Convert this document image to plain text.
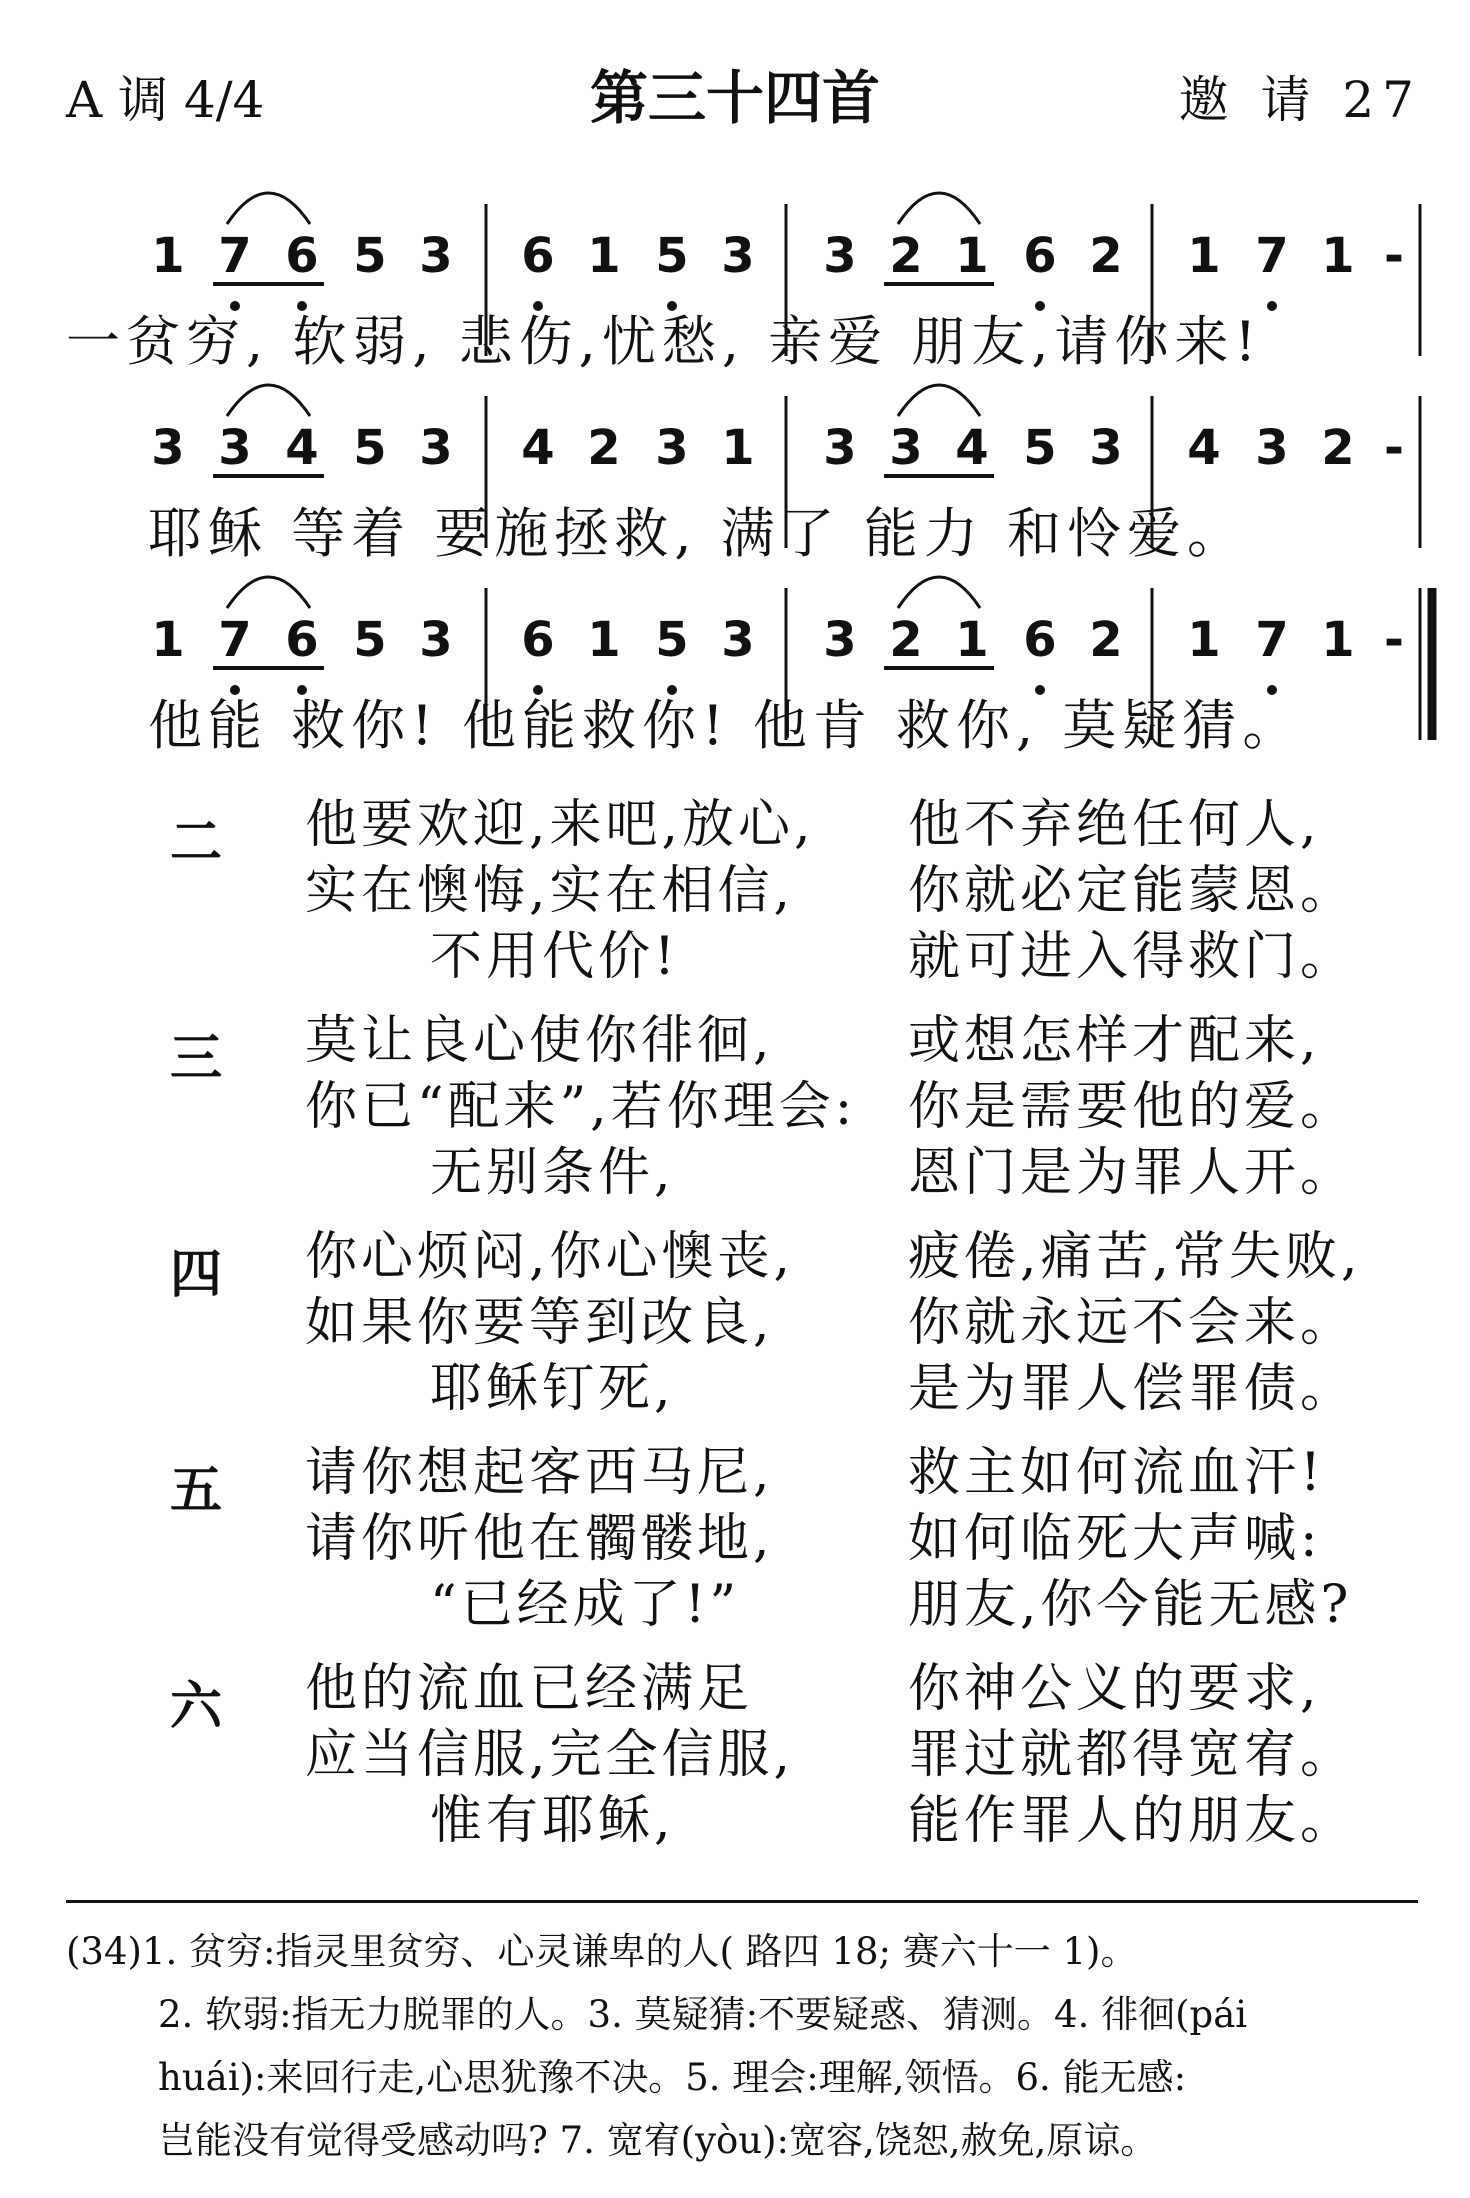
A 调 4/4	第三十四首	邀 请 27
1 7 6 5 3 6 1 5 3 3 2 1 6 2 1 7 1 -
一贫穷, 软弱, 悲伤,忧愁, 亲爱 朋友,请你来!
3 3 4 5 3 4 2 3 1 3 3 4 5 3 4 3 2 -
耶稣 等着 要施拯救, 满了 能力 和怜爱。
1 7 6 5 3 6 1 5 3 3 2 1 6 2 1 7 1 -
他能 救你! 他能救你! 他肯 救你, 莫疑猜。
二 他要欢迎,来吧,放心, 他不弃绝任何人,
实在懊悔,实在相信, 你就必定能蒙恩。
不用代价!	就可进入得救门。
三 莫让良心使你徘徊,	或想怎样才配来,
你已“配来”,若你理会: 你是需要他的爱。
无别条件,	恩门是为罪人开。
四 你心烦闷,你心懊丧, 疲倦,痛苦,常失败,
如果你要等到改良,	你就永远不会来。
耶稣钉死,	是为罪人偿罪债。
五 请你想起客西马尼,	救主如何流血汗!
请你听他在髑髅地,	如何临死大声喊:
“已经成了!”	朋友,你今能无感?
六 他的流血已经满足	你神公义的要求,
应当信服,完全信服, 罪过就都得宽宥。
惟有耶稣,	能作罪人的朋友。

(34)1. 贫穷:指灵里贫穷、心灵谦卑的人( 路四 18; 赛六十一 1)。

2. 软弱:指无力脱罪的人。3. 莫疑猜:不要疑惑、猜测。4. 徘徊(pái

huái):来回行走,心思犹豫不决。5. 理会:理解,领悟。6. 能无感:

岂能没有觉得受感动吗? 7. 宽宥(yòu):宽容,饶恕,赦免,原谅。
